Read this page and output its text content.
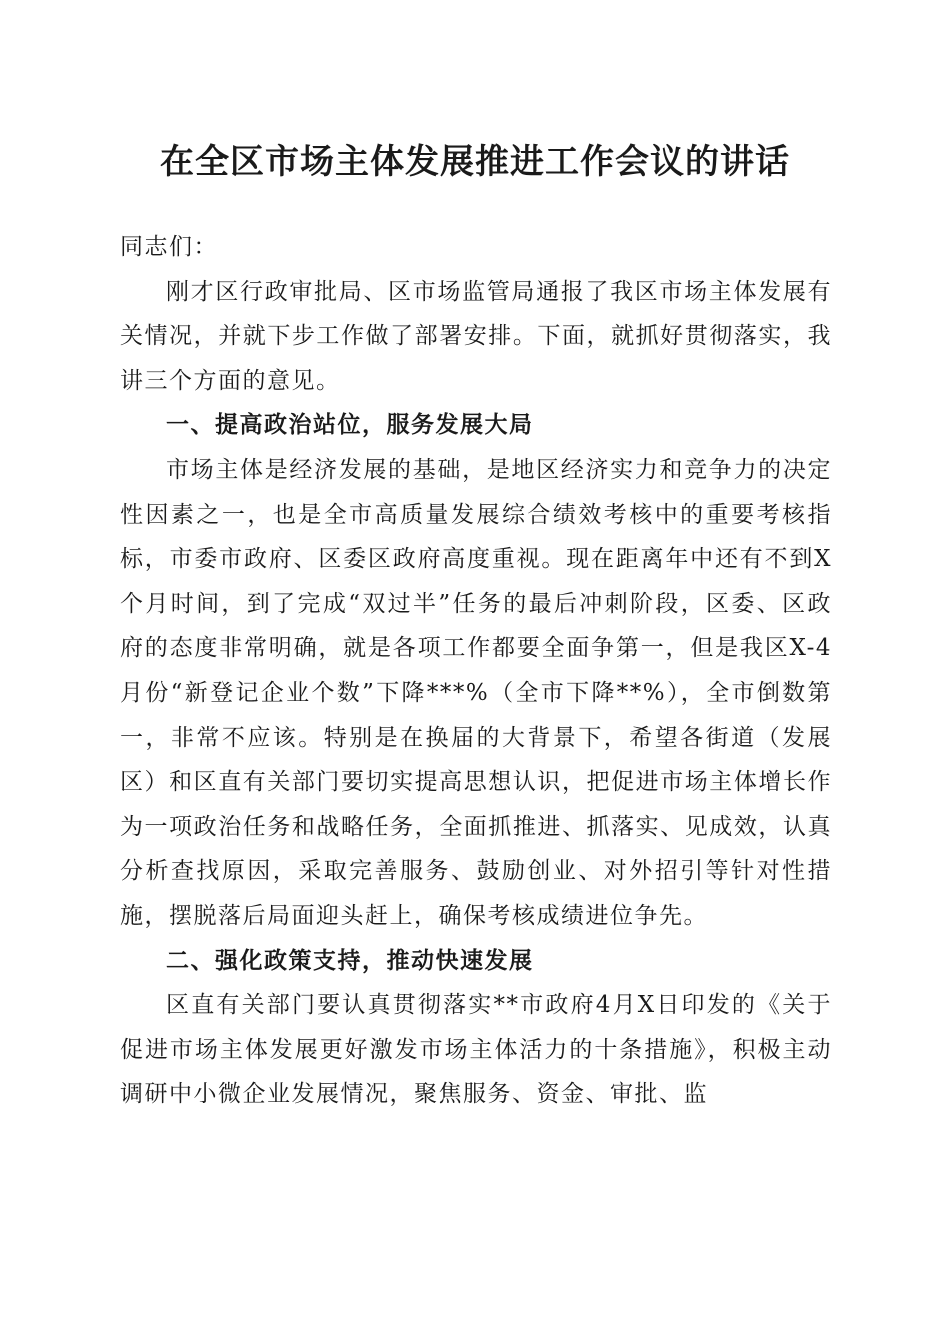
在全区市场主体发展推进工作会议的讲话

同志们：

刚才区行政审批局、区市场监管局通报了我区市场主体发展有关情况，并就下步工作做了部署安排。下面，就抓好贯彻落实，我讲三个方面的意见。

一、提高政治站位，服务发展大局

市场主体是经济发展的基础，是地区经济实力和竞争力的决定性因素之一，也是全市高质量发展综合绩效考核中的重要考核指标，市委市政府、区委区政府高度重视。现在距离年中还有不到X个月时间，到了完成“双过半”任务的最后冲刺阶段，区委、区政府的态度非常明确，就是各项工作都要全面争第一，但是我区X-4月份“新登记企业个数”下降***%（全市下降**%），全市倒数第一，非常不应该。特别是在换届的大背景下，希望各街道（发展区）和区直有关部门要切实提高思想认识，把促进市场主体增长作为一项政治任务和战略任务，全面抓推进、抓落实、见成效，认真分析查找原因，采取完善服务、鼓励创业、对外招引等针对性措施，摆脱落后局面迎头赶上，确保考核成绩进位争先。

二、强化政策支持，推动快速发展

区直有关部门要认真贯彻落实**市政府4月X日印发的《关于促进市场主体发展更好激发市场主体活力的十条措施》，积极主动调研中小微企业发展情况，聚焦服务、资金、审批、监
